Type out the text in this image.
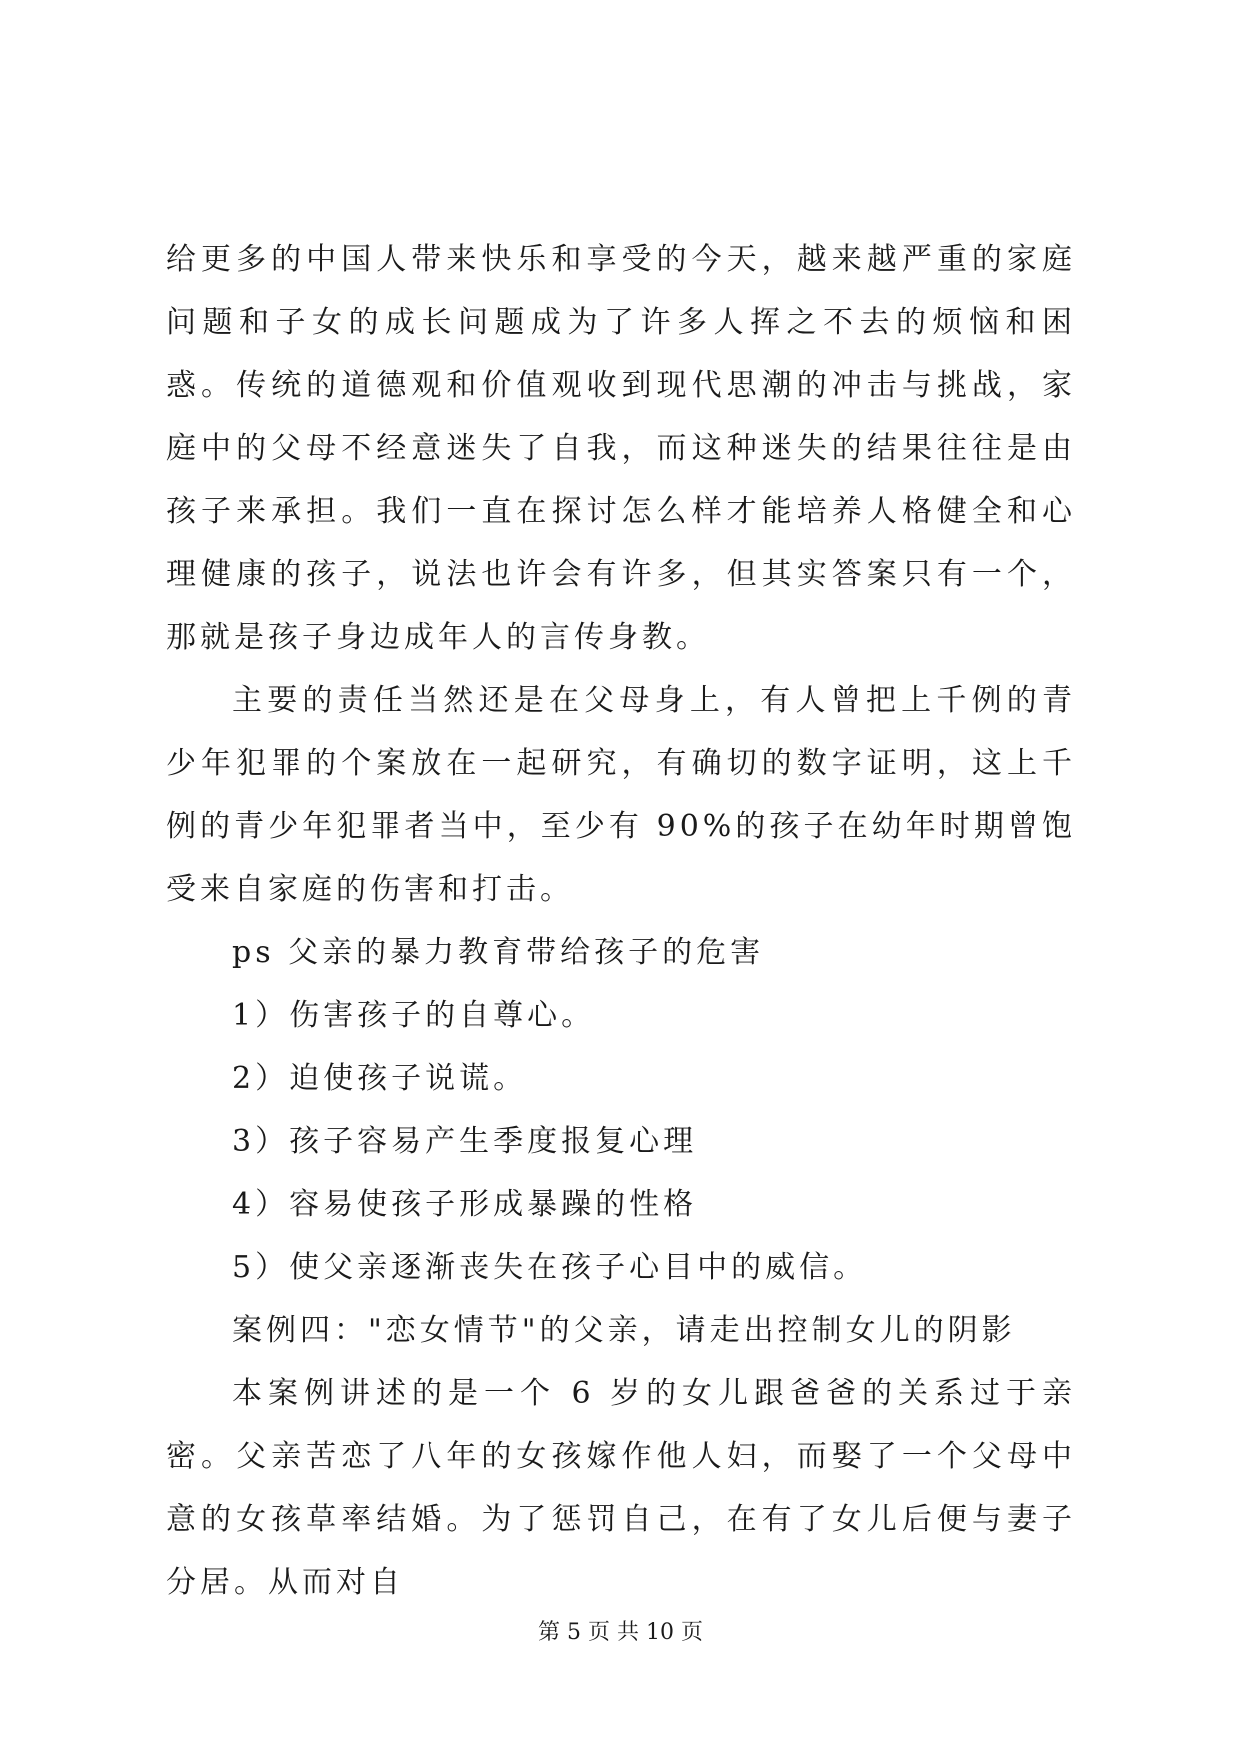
给更多的中国人带来快乐和享受的今天，越来越严重的家庭问题和子女的成长问题成为了许多人挥之不去的烦恼和困惑。传统的道德观和价值观收到现代思潮的冲击与挑战，家庭中的父母不经意迷失了自我，而这种迷失的结果往往是由孩子来承担。我们一直在探讨怎么样才能培养人格健全和心理健康的孩子，说法也许会有许多，但其实答案只有一个，那就是孩子身边成年人的言传身教。

主要的责任当然还是在父母身上，有人曾把上千例的青少年犯罪的个案放在一起研究，有确切的数字证明，这上千例的青少年犯罪者当中，至少有 90%的孩子在幼年时期曾饱受来自家庭的伤害和打击。

ps 父亲的暴力教育带给孩子的危害

1）伤害孩子的自尊心。

2）迫使孩子说谎。

3）孩子容易产生季度报复心理

4）容易使孩子形成暴躁的性格

5）使父亲逐渐丧失在孩子心目中的威信。

案例四："恋女情节"的父亲，请走出控制女儿的阴影

本案例讲述的是一个 6 岁的女儿跟爸爸的关系过于亲密。父亲苦恋了八年的女孩嫁作他人妇，而娶了一个父母中意的女孩草率结婚。为了惩罚自己，在有了女儿后便与妻子分居。从而对自

第 5 页 共 10 页
